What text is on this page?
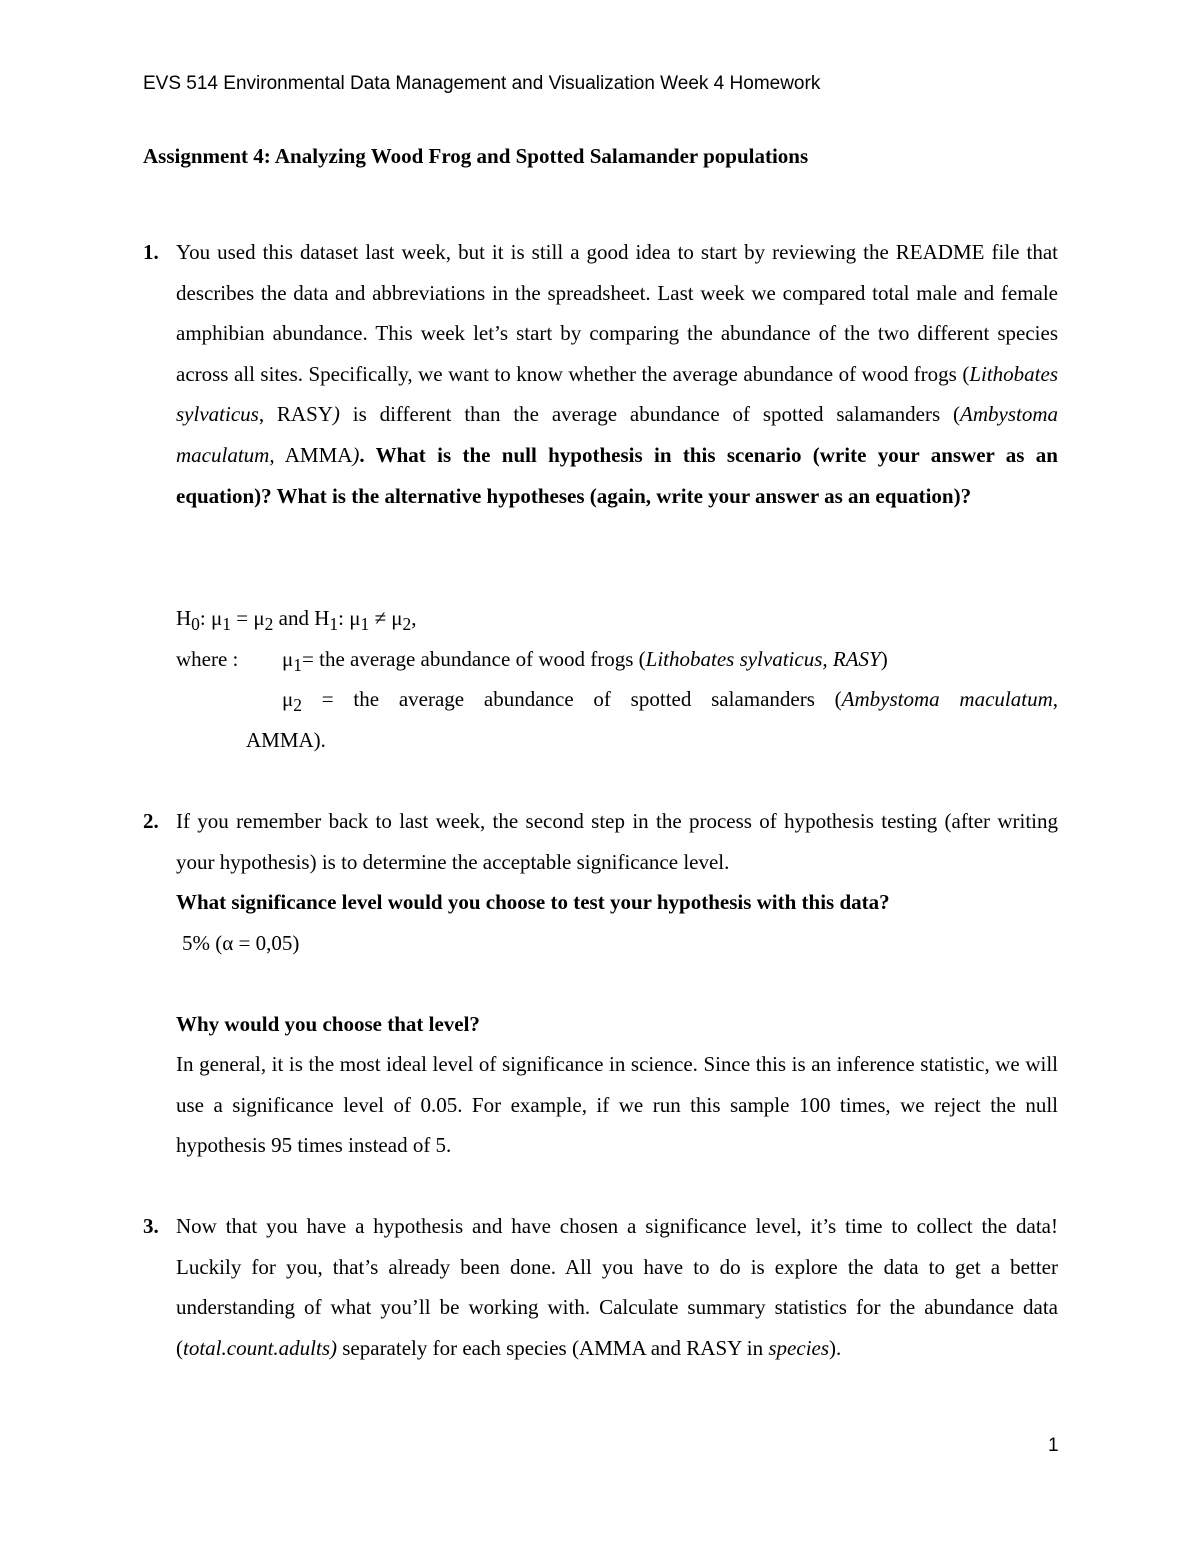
EVS 514 Environmental Data Management and Visualization Week 4 Homework
Assignment 4: Analyzing Wood Frog and Spotted Salamander populations
1. You used this dataset last week, but it is still a good idea to start by reviewing the README file that describes the data and abbreviations in the spreadsheet. Last week we compared total male and female amphibian abundance. This week let’s start by comparing the abundance of the two different species across all sites. Specifically, we want to know whether the average abundance of wood frogs (Lithobates sylvaticus, RASY) is different than the average abundance of spotted salamanders (Ambystoma maculatum, AMMA). What is the null hypothesis in this scenario (write your answer as an equation)? What is the alternative hypotheses (again, write your answer as an equation)?
$H_0$: $\mu_1 = \mu_2$ and $H_1$: $\mu_1 \ne \mu_2$,
where : $\mu_1=$ the average abundance of wood frogs (Lithobates sylvaticus, RASY)
$\mu_2$ = the average abundance of spotted salamanders (Ambystoma maculatum,
AMMA).
2. If you remember back to last week, the second step in the process of hypothesis testing (after writing your hypothesis) is to determine the acceptable significance level.
What significance level would you choose to test your hypothesis with this data?
5% (α = 0,05)
Why would you choose that level?
In general, it is the most ideal level of significance in science. Since this is an inference statistic, we will use a significance level of 0.05. For example, if we run this sample 100 times, we reject the null hypothesis 95 times instead of 5.
3. Now that you have a hypothesis and have chosen a significance level, it’s time to collect the data! Luckily for you, that’s already been done. All you have to do is explore the data to get a better understanding of what you’ll be working with. Calculate summary statistics for the abundance data (total.count.adults) separately for each species (AMMA and RASY in species).
1
